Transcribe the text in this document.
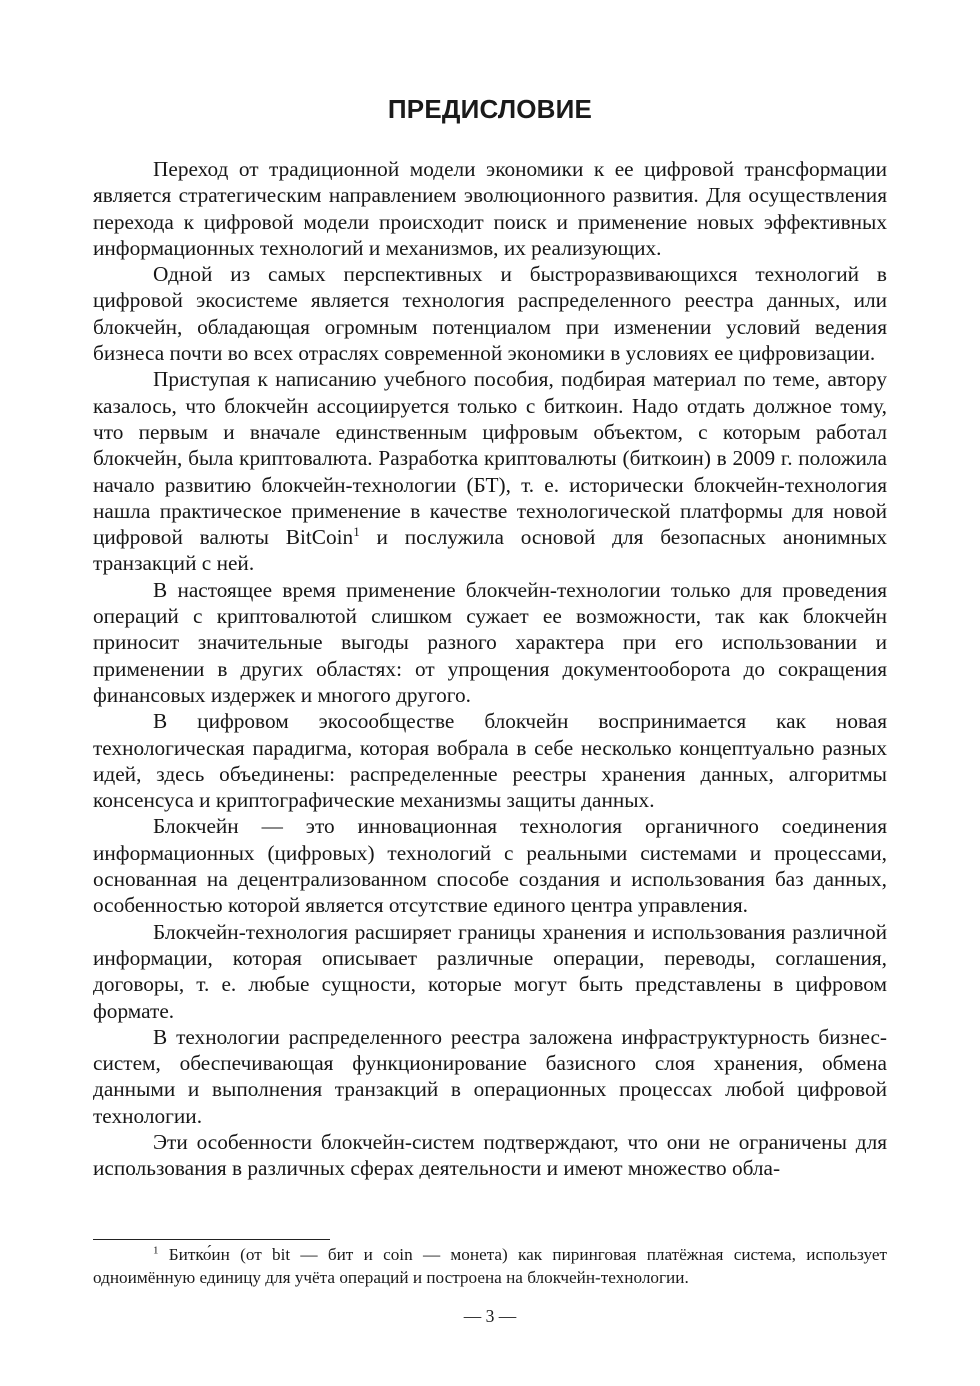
ПРЕДИСЛОВИЕ

Переход от традиционной модели экономики к ее цифровой трансформации является стратегическим направлением эволюционного развития. Для осуществления перехода к цифровой модели происходит поиск и применение новых эффективных информационных технологий и механизмов, их реализующих.

Одной из самых перспективных и быстроразвивающихся технологий в цифровой экосистеме является технология распределенного реестра данных, или блокчейн, обладающая огромным потенциалом при изменении условий ведения бизнеса почти во всех отраслях современной экономики в условиях ее цифровизации.

Приступая к написанию учебного пособия, подбирая материал по теме, автору казалось, что блокчейн ассоциируется только с биткоин. Надо отдать должное тому, что первым и вначале единственным цифровым объектом, с которым работал блокчейн, была криптовалюта. Разработка криптовалюты (биткоин) в 2009 г. положила начало развитию блокчейн-технологии (БТ), т. е. исторически блокчейн-технология нашла практическое применение в качестве технологической платформы для новой цифровой валюты BitCoin$^1$ и послужила основой для безопасных анонимных транзакций с ней.

В настоящее время применение блокчейн-технологии только для проведения операций с криптовалютой слишком сужает ее возможности, так как блокчейн приносит значительные выгоды разного характера при его использовании и применении в других областях: от упрощения документооборота до сокращения финансовых издержек и многого другого.

В цифровом экосообществе блокчейн воспринимается как новая технологическая парадигма, которая вобрала в себе несколько концептуально разных идей, здесь объединены: распределенные реестры хранения данных, алгоритмы консенсуса и криптографические механизмы защиты данных.

Блокчейн — это инновационная технология органичного соединения информационных (цифровых) технологий с реальными системами и процессами, основанная на децентрализованном способе создания и использования баз данных, особенностью которой является отсутствие единого центра управления.

Блокчейн-технология расширяет границы хранения и использования различной информации, которая описывает различные операции, переводы, соглашения, договоры, т. е. любые сущности, которые могут быть представлены в цифровом формате.

В технологии распределенного реестра заложена инфраструктурность бизнес-систем, обеспечивающая функционирование базисного слоя хранения, обмена данными и выполнения транзакций в операционных процессах любой цифровой технологии.

Эти особенности блокчейн-систем подтверждают, что они не ограничены для использования в различных сферах деятельности и имеют множество обла-

$^1$ Битко́ин (от bit — бит и coin — монета) как пиринговая платёжная система, использует одноимённую единицу для учёта операций и построена на блокчейн-технологии.

— 3 —
